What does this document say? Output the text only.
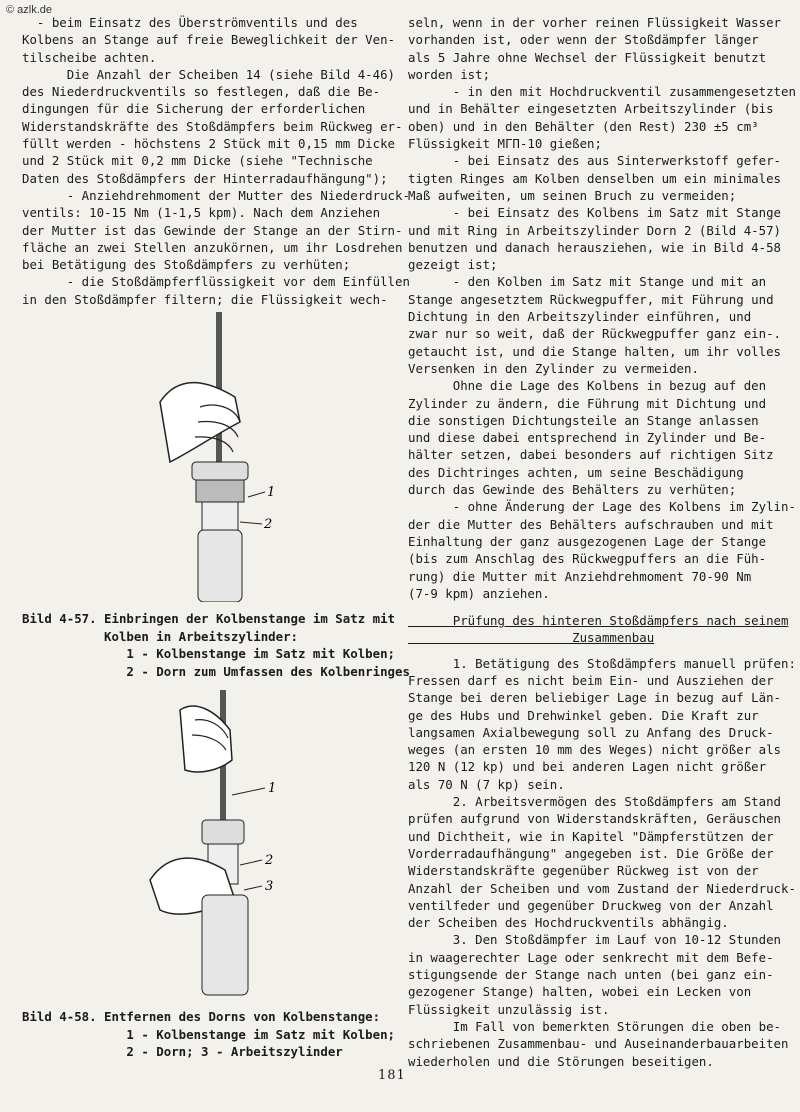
© azlk.de

- beim Einsatz des Überströmventils und des

Kolbens an Stange auf freie Beweglichkeit der Ven-

tilscheibe achten.

Die Anzahl der Scheiben 14 (siehe Bild 4-46)

des Niederdruckventils so festlegen, daß die Be-

dingungen für die Sicherung der erforderlichen

Widerstandskräfte des Stoßdämpfers beim Rückweg er-

füllt werden - höchstens 2 Stück mit 0,15 mm Dicke

und 2 Stück mit 0,2 mm Dicke (siehe "Technische

Daten des Stoßdämpfers der Hinterradaufhängung");

- Anziehdrehmoment der Mutter des Niederdruck-

ventils: 10-15 Nm (1-1,5 kpm). Nach dem Anziehen

der Mutter ist das Gewinde der Stange an der Stirn-

fläche an zwei Stellen anzukörnen, um ihr Losdrehen

bei Betätigung des Stoßdämpfers zu verhüten;

- die Stoßdämpferflüssigkeit vor dem Einfüllen

in den Stoßdämpfer filtern; die Flüssigkeit wech-

1
2

Bild 4-57. Einbringen der Kolbenstange im Satz mit

Kolben in Arbeitszylinder:

1 - Kolbenstange im Satz mit Kolben;

2 - Dorn zum Umfassen des Kolbenringes

1
2
3

Bild 4-58. Entfernen des Dorns von Kolbenstange:

1 - Kolbenstange im Satz mit Kolben;

2 - Dorn; 3 - Arbeitszylinder

seln, wenn in der vorher reinen Flüssigkeit Wasser

vorhanden ist, oder wenn der Stoßdämpfer länger

als 5 Jahre ohne Wechsel der Flüssigkeit benutzt

worden ist;

- in den mit Hochdruckventil zusammengesetzten

und in Behälter eingesetzten Arbeitszylinder (bis

oben) und in den Behälter (den Rest) 230 ±5 cm³

Flüssigkeit МГП-10 gießen;

- bei Einsatz des aus Sinterwerkstoff gefer-

tigten Ringes am Kolben denselben um ein minimales

Maß aufweiten, um seinen Bruch zu vermeiden;

- bei Einsatz des Kolbens im Satz mit Stange

und mit Ring in Arbeitszylinder Dorn 2 (Bild 4-57)

benutzen und danach herausziehen, wie in Bild 4-58

gezeigt ist;

- den Kolben im Satz mit Stange und mit an

Stange angesetztem Rückwegpuffer, mit Führung und

Dichtung in den Arbeitszylinder einführen, und

zwar nur so weit, daß der Rückwegpuffer ganz ein-.

getaucht ist, und die Stange halten, um ihr volles

Versenken in den Zylinder zu vermeiden.

Ohne die Lage des Kolbens in bezug auf den

Zylinder zu ändern, die Führung mit Dichtung und

die sonstigen Dichtungsteile an Stange anlassen

und diese dabei entsprechend in Zylinder und Be-

hälter setzen, dabei besonders auf richtigen Sitz

des Dichtringes achten, um seine Beschädigung

durch das Gewinde des Behälters zu verhüten;

- ohne Änderung der Lage des Kolbens im Zylin-

der die Mutter des Behälters aufschrauben und mit

Einhaltung der ganz ausgezogenen Lage der Stange

(bis zum Anschlag des Rückwegpuffers an die Füh-

rung) die Mutter mit Anziehdrehmoment 70-90 Nm

(7-9 kpm) anziehen.

Prüfung des hinteren Stoßdämpfers nach seinem

Zusammenbau

1. Betätigung des Stoßdämpfers manuell prüfen:

Fressen darf es nicht beim Ein- und Ausziehen der

Stange bei deren beliebiger Lage in bezug auf Län-

ge des Hubs und Drehwinkel geben. Die Kraft zur

langsamen Axialbewegung soll zu Anfang des Druck-

weges (an ersten 10 mm des Weges) nicht größer als

120 N (12 kp) und bei anderen Lagen nicht größer

als 70 N (7 kp) sein.

2. Arbeitsvermögen des Stoßdämpfers am Stand

prüfen aufgrund von Widerstandskräften, Geräuschen

und Dichtheit, wie in Kapitel "Dämpferstützen der

Vorderradaufhängung" angegeben ist. Die Größe der

Widerstandskräfte gegenüber Rückweg ist von der

Anzahl der Scheiben und vom Zustand der Niederdruck-

ventilfeder und gegenüber Druckweg von der Anzahl

der Scheiben des Hochdruckventils abhängig.

3. Den Stoßdämpfer im Lauf von 10-12 Stunden

in waagerechter Lage oder senkrecht mit dem Befe-

stigungsende der Stange nach unten (bei ganz ein-

gezogener Stange) halten, wobei ein Lecken von

Flüssigkeit unzulässig ist.

Im Fall von bemerkten Störungen die oben be-

schriebenen Zusammenbau- und Auseinanderbauarbeiten

wiederholen und die Störungen beseitigen.

181
